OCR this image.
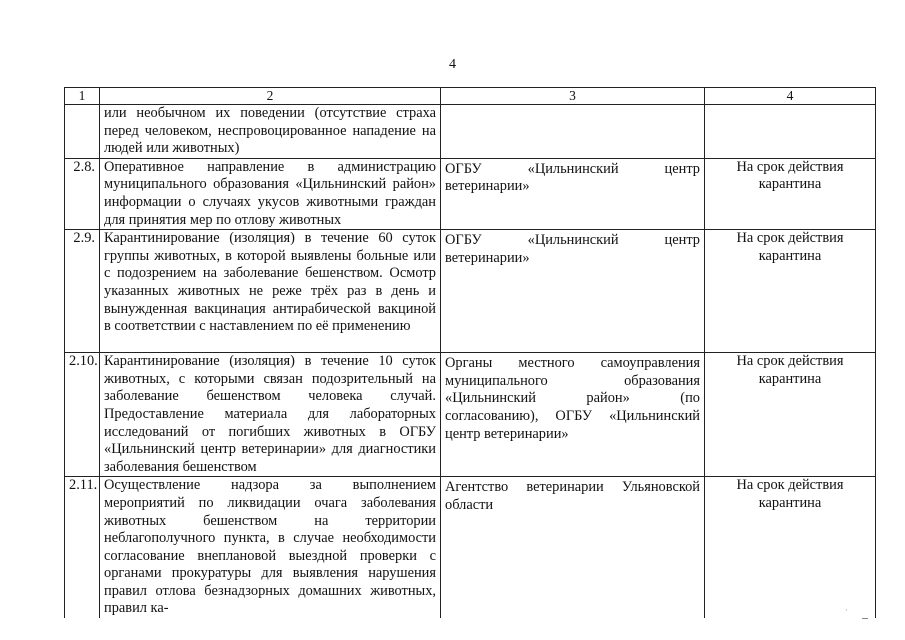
4
1	2	3	4
	или необычном их поведении (отсутствие страха перед человеком, неспровоцированное нападение на людей или животных)		
2.8.	Оперативное направление в администрацию муниципального образования «Цильнинский район» информации о случаях укусов животными граждан для принятия мер по отлову животных	ОГБУ «Цильнинский центр ветеринарии»	На срок действия карантина
2.9.	Карантинирование (изоляция) в течение 60 суток группы животных, в которой выявлены больные или с подозрением на заболевание бешенством. Осмотр указанных животных не реже трёх раз в день и вынужденная вакцинация антирабической вакциной в соответствии с наставлением по её применению	ОГБУ «Цильнинский центр ветеринарии»	На срок действия карантина
2.10.	Карантинирование (изоляция) в течение 10 суток животных, с которыми связан подозрительный на заболевание бешенством человека случай. Предоставление материала для лабораторных исследований от погибших животных в ОГБУ «Цильнинский центр ветеринарии» для диагностики заболевания бешенством	Органы местного самоуправления муниципального образования «Цильнинский район» (по согласованию), ОГБУ «Цильнинский центр ветеринарии»	На срок действия карантина
2.11.	Осуществление надзора за выполнением мероприятий по ликвидации очага заболевания животных бешенством на территории неблагополучного пункта, в случае необходимости согласование внеплановой выездной проверки с органами прокуратуры для выявления нарушения правил отлова безнадзорных домашних животных, правил ка-	Агентство ветеринарии Ульяновской области	На срок действия карантина
· –
